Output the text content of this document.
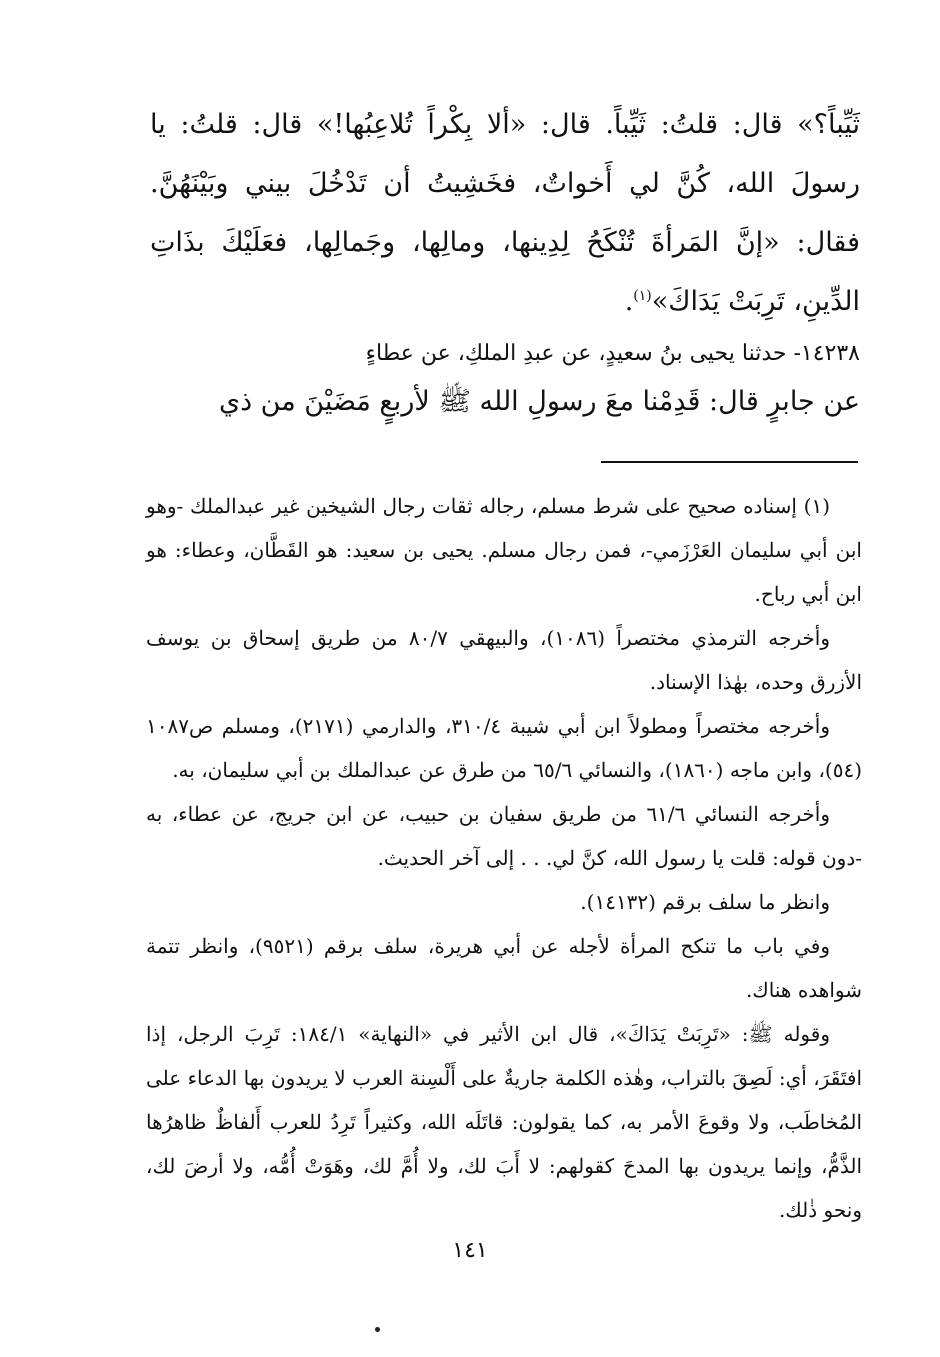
ثَيِّباً؟» قال: قلتُ: ثَيِّباً. قال: «ألا بِكْراً تُلاعِبُها!» قال: قلتُ: يا رسولَ الله، كُنَّ لي أَخواتٌ، فخَشِيتُ أن تَدْخُلَ بيني وبَيْنَهُنَّ. فقال: «إنَّ المَرأةَ تُنْكَحُ لِدِينها، ومالِها، وجَمالِها، فعَلَيْكَ بذَاتِ الدِّينِ، تَرِبَتْ يَدَاكَ»$^{(١)}$.

١٤٢٣٨- حدثنا يحيى بنُ سعيدٍ، عن عبدِ الملكِ، عن عطاءٍ

عن جابرٍ قال: قَدِمْنا معَ رسولِ الله ﷺ لأربعٍ مَضَيْنَ من ذي

(١) إسناده صحيح على شرط مسلم، رجاله ثقات رجال الشيخين غير عبدالملك -وهو ابن أبي سليمان العَرْزَمي-، فمن رجال مسلم. يحيى بن سعيد: هو القَطَّان، وعطاء: هو ابن أبي رباح.

وأخرجه الترمذي مختصراً (١٠٨٦)، والبيهقي ٨٠/٧ من طريق إسحاق بن يوسف الأزرق وحده، بهٰذا الإسناد.

وأخرجه مختصراً ومطولاً ابن أبي شيبة ٣١٠/٤، والدارمي (٢١٧١)، ومسلم ص١٠٨٧ (٥٤)، وابن ماجه (١٨٦٠)، والنسائي ٦٥/٦ من طرق عن عبدالملك بن أبي سليمان، به.

وأخرجه النسائي ٦١/٦ من طريق سفيان بن حبيب، عن ابن جريج، عن عطاء، به -دون قوله: قلت يا رسول الله، كنَّ لي. . . إلى آخر الحديث.

وانظر ما سلف برقم (١٤١٣٢).

وفي باب ما تنكح المرأة لأجله عن أبي هريرة، سلف برقم (٩٥٢١)، وانظر تتمة شواهده هناك.

وقوله ﷺ: «تَرِبَتْ يَدَاكَ»، قال ابن الأثير في «النهاية» ١٨٤/١: تَرِبَ الرجل، إذا افتَقَرَ، أي: لَصِقَ بالتراب، وهٰذه الكلمة جاريةٌ على أَلْسِنة العرب لا يريدون بها الدعاء على المُخاطَب، ولا وقوعَ الأمر به، كما يقولون: قاتَلَه الله، وكثيراً تَرِدُ للعرب أَلفاظٌ ظاهرُها الذَّمُّ، وإنما يريدون بها المدحَ كقولهم: لا أَبَ لك، ولا أُمَّ لك، وهَوَتْ أُمُّه، ولا أرضَ لك، ونحو ذٰلك.

١٤١
